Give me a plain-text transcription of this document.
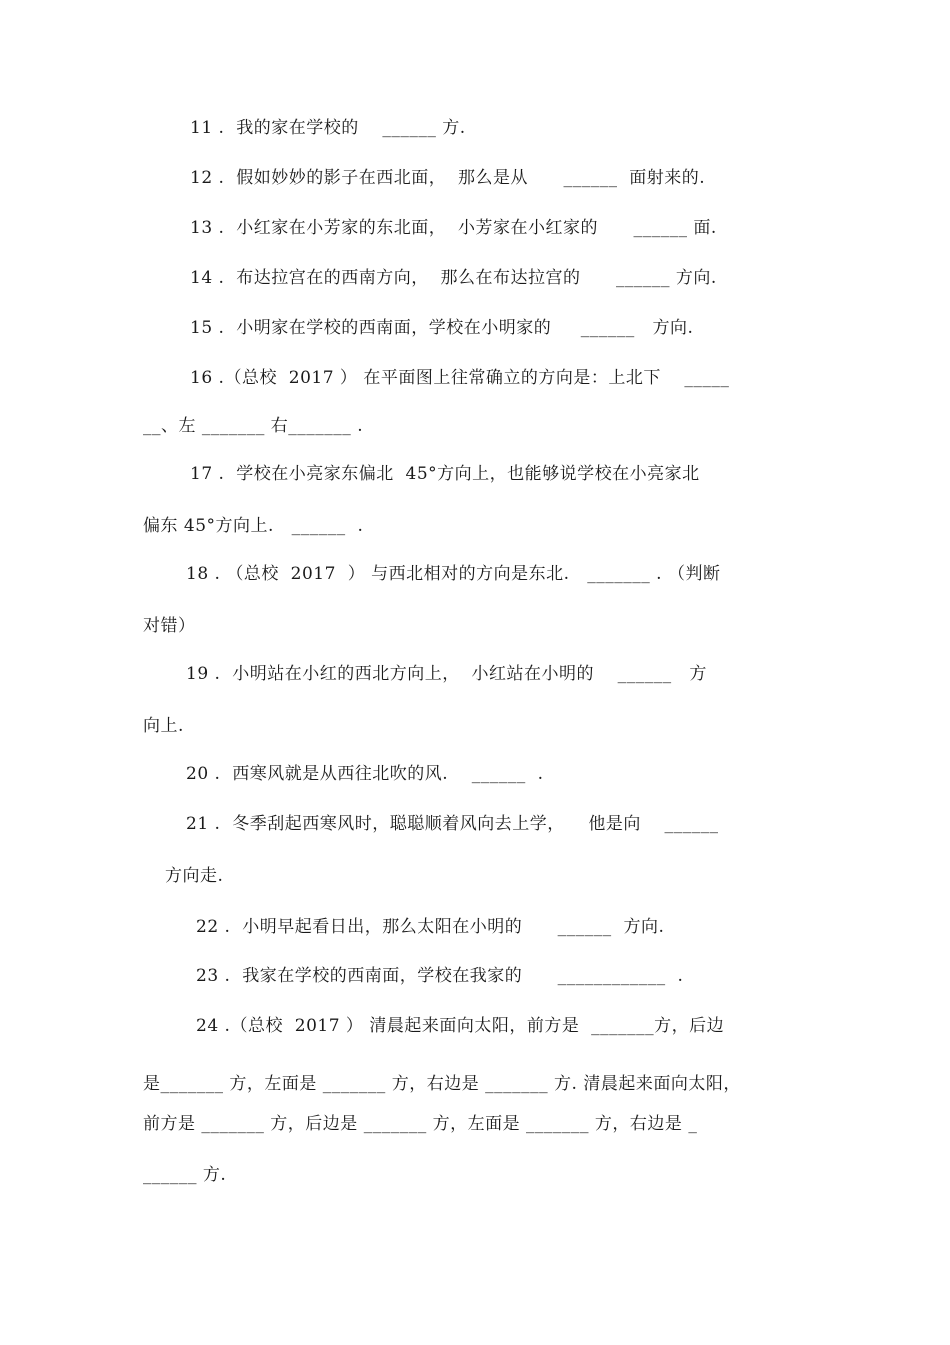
11 .  我的家在学校的    ______ 方.
12 .  假如妙妙的影子在西北面，  那么是从      ______  面射来的.
13 .  小红家在小芳家的东北面，  小芳家在小红家的      ______ 面.
14 .  布达拉宫在的西南方向，  那么在布达拉宫的      ______ 方向.
15 .  小明家在学校的西南面，学校在小明家的     ______   方向.
16 .（总校  2017 ） 在平面图上往常确立的方向是：上北下    _____
__、左 _______ 右_______ .
17 .  学校在小亮家东偏北  45°方向上，也能够说学校在小亮家北
偏东 45°方向上.   ______  .
18 . （总校  2017  ） 与西北相对的方向是东北.   _______ . （判断
对错）
19 .  小明站在小红的西北方向上，  小红站在小明的    ______   方
向上.
20 .  西寒风就是从西往北吹的风.    ______  .
21 .  冬季刮起西寒风时，聪聪顺着风向去上学，    他是向    ______
方向走.
22 .  小明早起看日出，那么太阳在小明的      ______  方向.
23 .  我家在学校的西南面，学校在我家的      ____________  .
24 .（总校  2017 ） 清晨起来面向太阳，前方是  _______方，后边
是_______ 方，左面是 _______ 方，右边是 _______ 方. 清晨起来面向太阳，
前方是 _______ 方，后边是 _______ 方，左面是 _______ 方，右边是 _
______ 方.
